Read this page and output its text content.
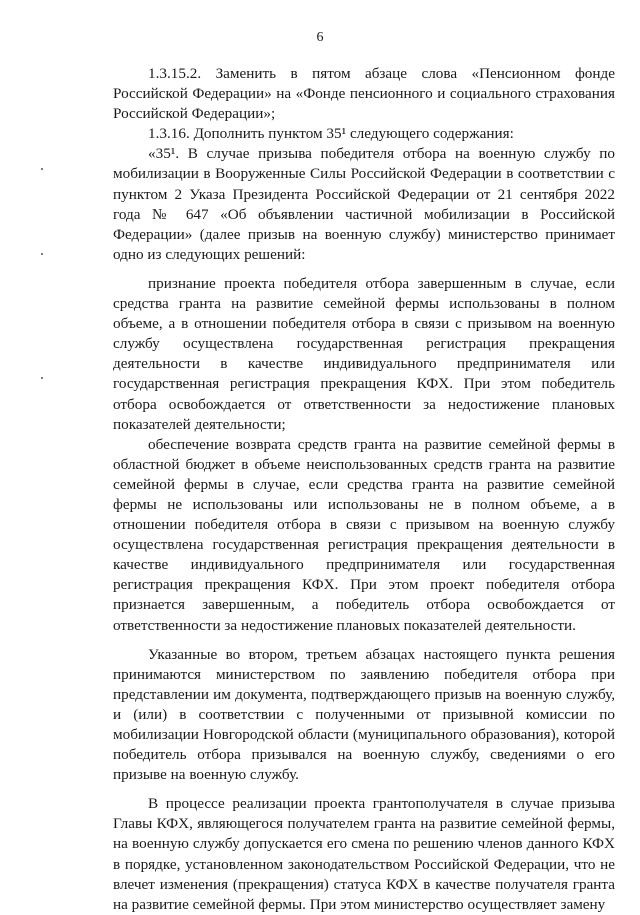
6

1.3.15.2. Заменить в пятом абзаце слова «Пенсионном фонде Российской Федерации» на «Фонде пенсионного и социального страхования Российской Федерации»;

1.3.16. Дополнить пунктом 35¹ следующего содержания:

«35¹. В случае призыва победителя отбора на военную службу по мобилизации в Вооруженные Силы Российской Федерации в соответствии с пунктом 2 Указа Президента Российской Федерации от 21 сентября 2022 года № 647 «Об объявлении частичной мобилизации в Российской Федерации» (далее призыв на военную службу) министерство принимает одно из следующих решений:

признание проекта победителя отбора завершенным в случае, если средства гранта на развитие семейной фермы использованы в полном объеме, а в отношении победителя отбора в связи с призывом на военную службу осуществлена государственная регистрация прекращения деятельности в качестве индивидуального предпринимателя или государственная регистрация прекращения КФХ. При этом победитель отбора освобождается от ответственности за недостижение плановых показателей деятельности;

обеспечение возврата средств гранта на развитие семейной фермы в областной бюджет в объеме неиспользованных средств гранта на развитие семейной фермы в случае, если средства гранта на развитие семейной фермы не использованы или использованы не в полном объеме, а в отношении победителя отбора в связи с призывом на военную службу осуществлена государственная регистрация прекращения деятельности в качестве индивидуального предпринимателя или государственная регистрация прекращения КФХ. При этом проект победителя отбора признается завершенным, а победитель отбора освобождается от ответственности за недостижение плановых показателей деятельности.

Указанные во втором, третьем абзацах настоящего пункта решения принимаются министерством по заявлению победителя отбора при представлении им документа, подтверждающего призыв на военную службу, и (или) в соответствии с полученными от призывной комиссии по мобилизации Новгородской области (муниципального образования), которой победитель отбора призывался на военную службу, сведениями о его призыве на военную службу.

В процессе реализации проекта грантополучателя в случае призыва Главы КФХ, являющегося получателем гранта на развитие семейной фермы, на военную службу допускается его смена по решению членов данного КФХ в порядке, установленном законодательством Российской Федерации, что не влечет изменения (прекращения) статуса КФХ в качестве получателя гранта на развитие семейной фермы. При этом министерство осуществляет замену
